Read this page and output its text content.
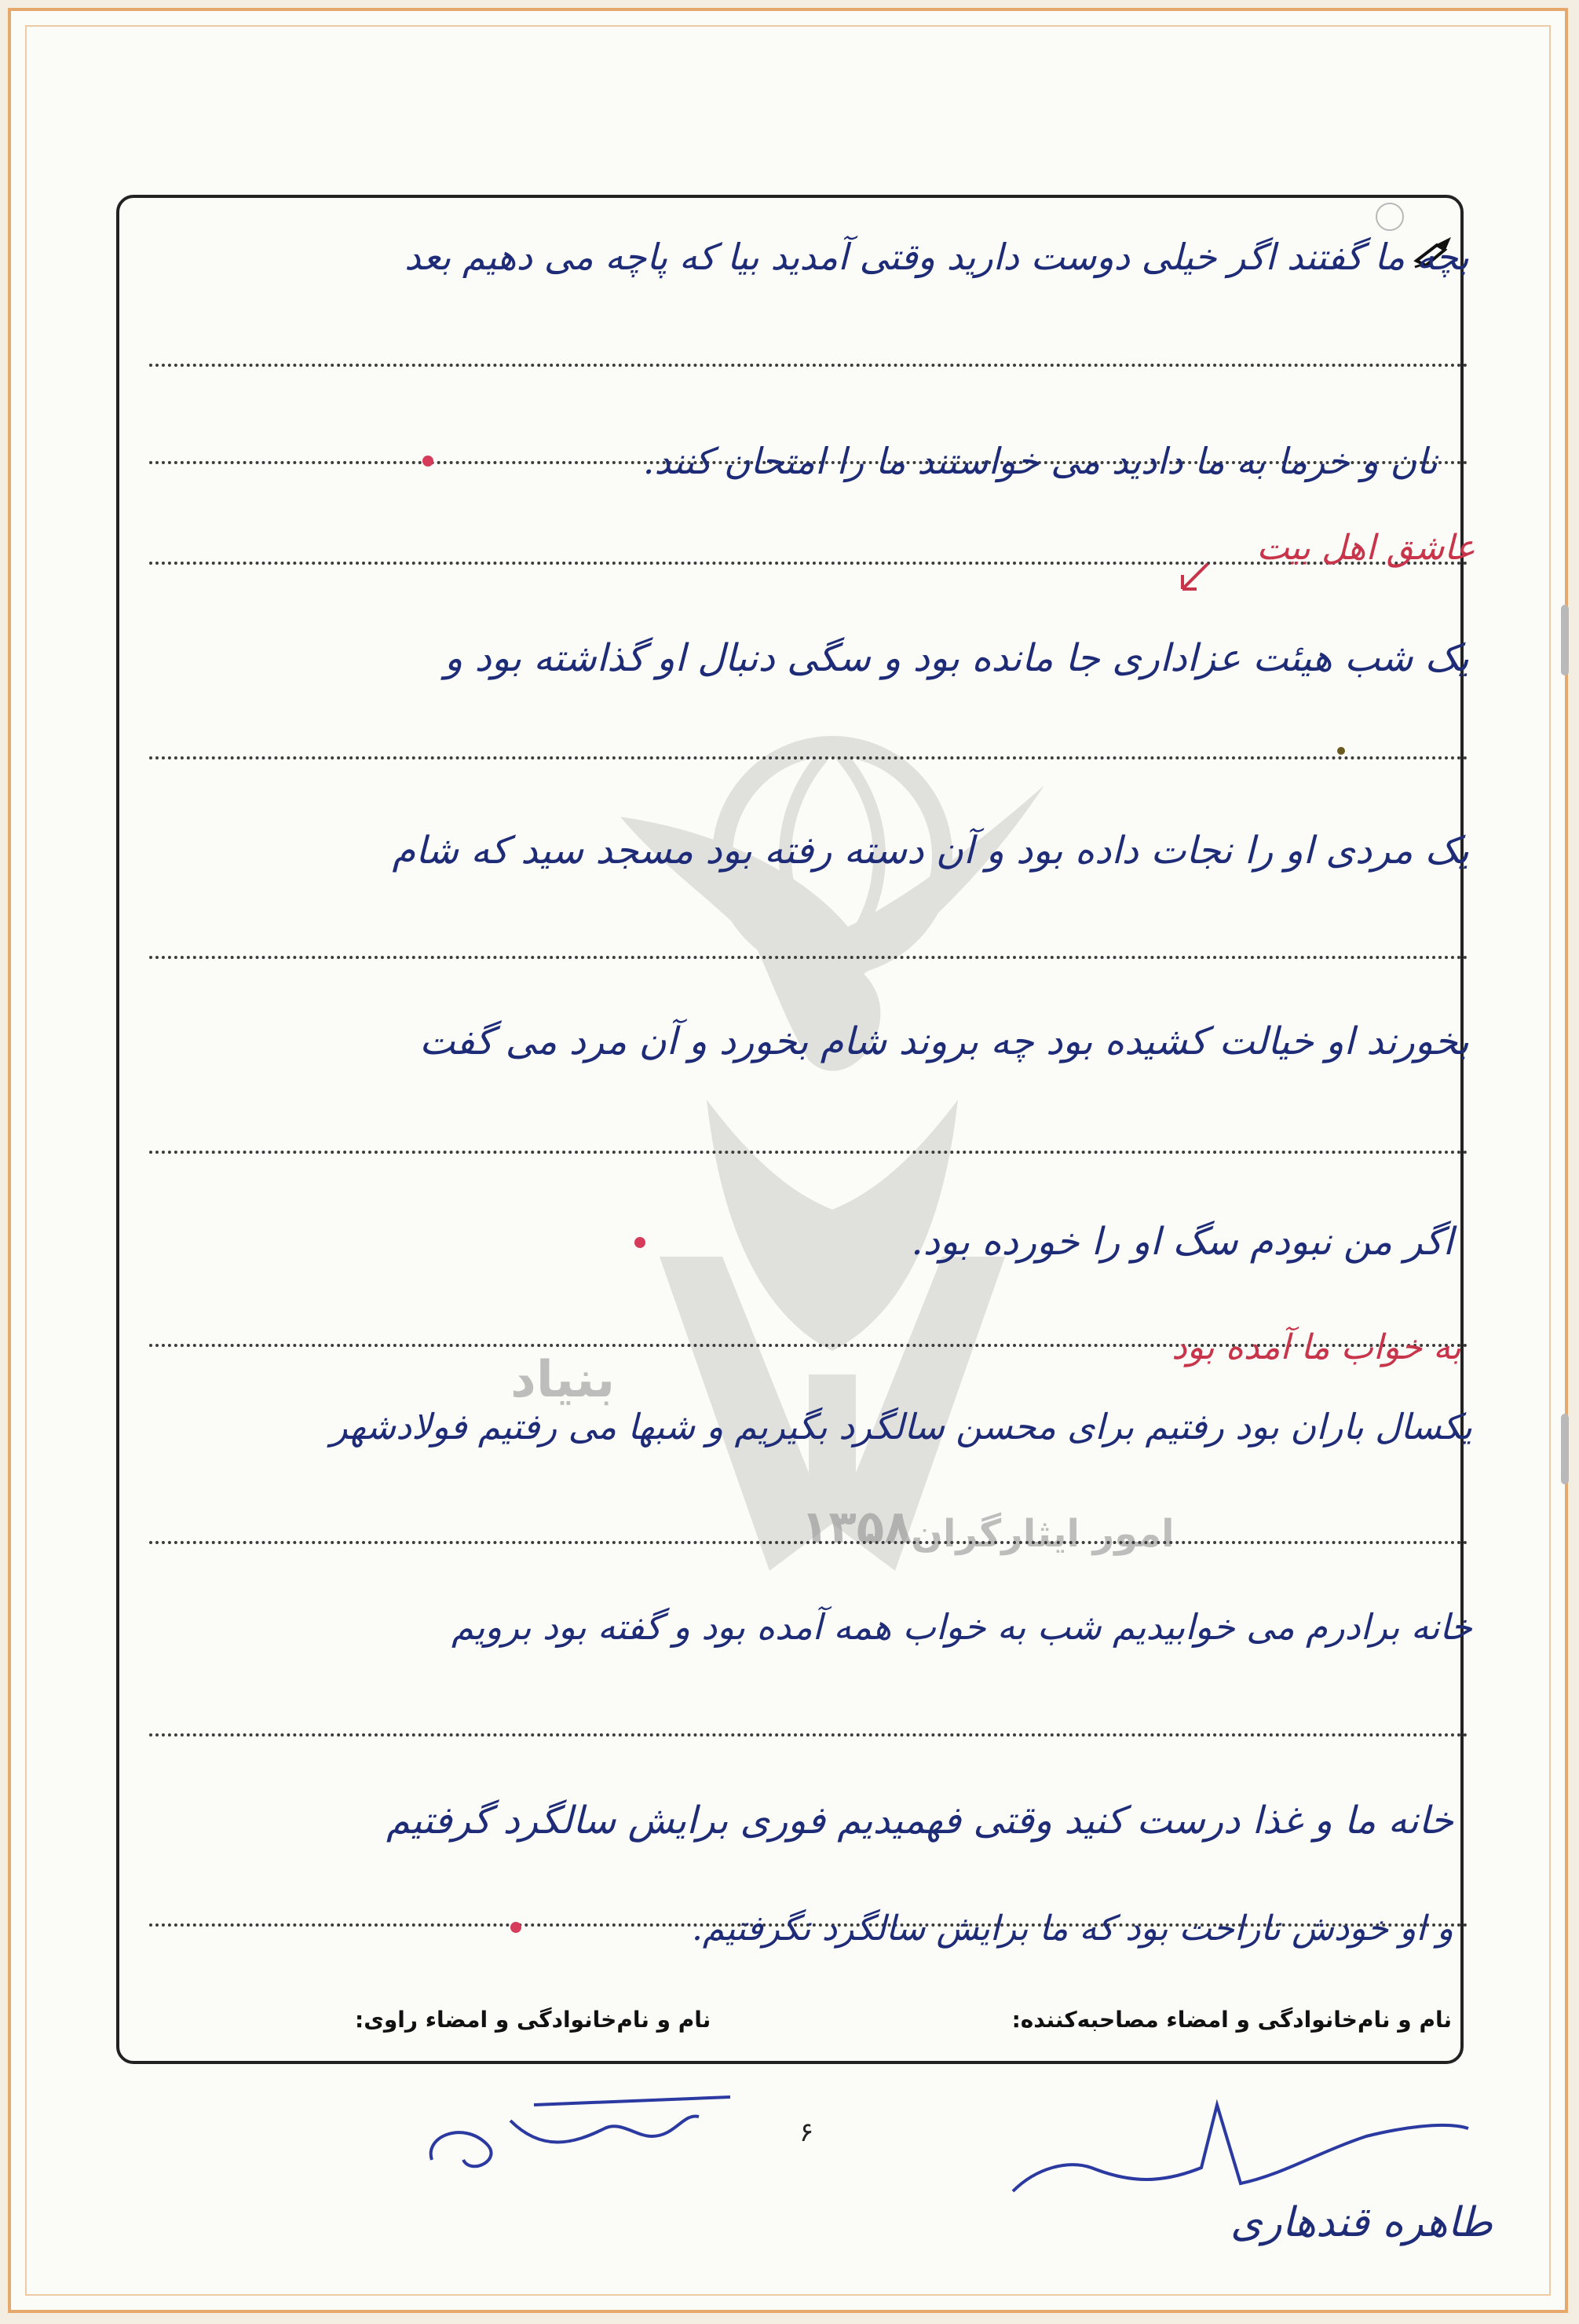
بنیاد
۱۳۵۸
امور ایثارگران
بچه ما گفتند اگر خیلی دوست دارید وقتی آمدید بیا که پاچه می دهیم بعد
نان و خرما به ما دادید می خواستند ما را امتحان کنند.
عاشق اهل بیت
یک شب هیئت عزاداری جا مانده بود و سگی دنبال او گذاشته بود و
یک مردی او را نجات داده بود و آن دسته رفته بود مسجد سید که شام
بخورند او خیالت کشیده بود چه بروند شام بخورد و آن مرد می گفت
اگر من نبودم سگ او را خورده بود.
به خواب ما آمده بود
یکسال باران بود رفتیم برای محسن سالگرد بگیریم و شبها می رفتیم فولادشهر
خانه برادرم می خوابیدیم شب به خواب همه آمده بود و گفته بود برویم
خانه ما و غذا درست کنید وقتی فهمیدیم فوری برایش سالگرد گرفتیم
و او خودش ناراحت بود که ما برایش سالگرد نگرفتیم.
نام و نام‌خانوادگی و امضاء مصاحبه‌کننده:
نام و نام‌خانوادگی و امضاء راوی:
۶
طاهره قندهاری
